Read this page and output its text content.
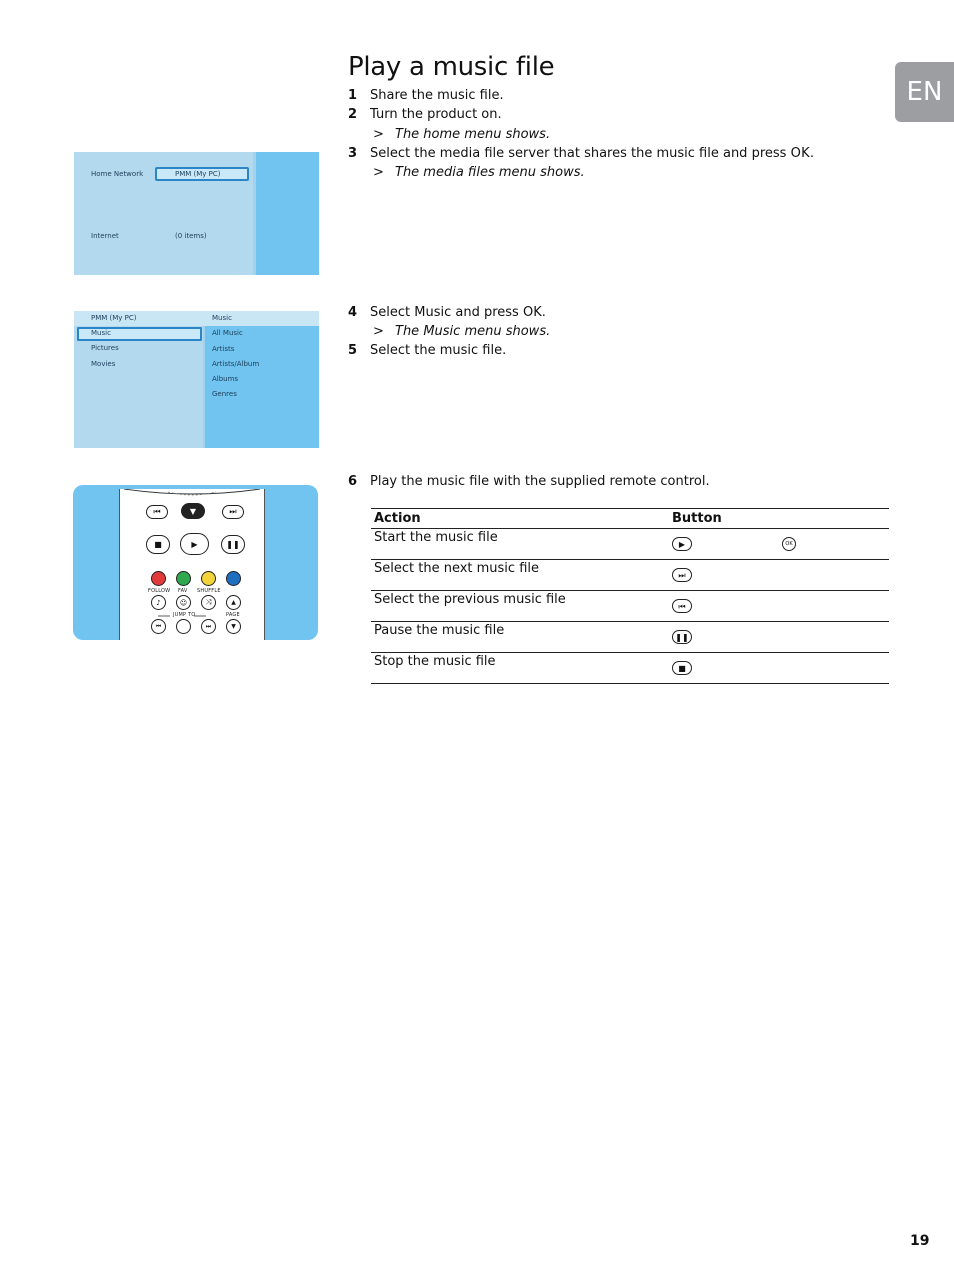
Play a music file
EN
19
1 Share the music file.
2 Turn the product on.
> The home menu shows.
3 Select the media file server that shares the music file and press OK.
> The media files menu shows.
4 Select Music and press OK.
> The Music menu shows.
5 Select the music file.
6 Play the music file with the supplied remote control.
Home Network	PMM (My PC)
Internet	(0 items)
PMM (My PC)	Music
Music
Pictures
Movies
All Music
Artists
Artists/Album
Albums
Genres
⏮	▼	⏭
■	▶	❚❚
FOLLOW FAV SHUFFLE
♪	☺	⤨	▲
JUMP TO	PAGE
⏮	⏭	▼
Action	Button
Start the music file	▶ OK
Select the next music file	⏭
Select the previous music file	⏮
Pause the music file	❚❚
Stop the music file	■
